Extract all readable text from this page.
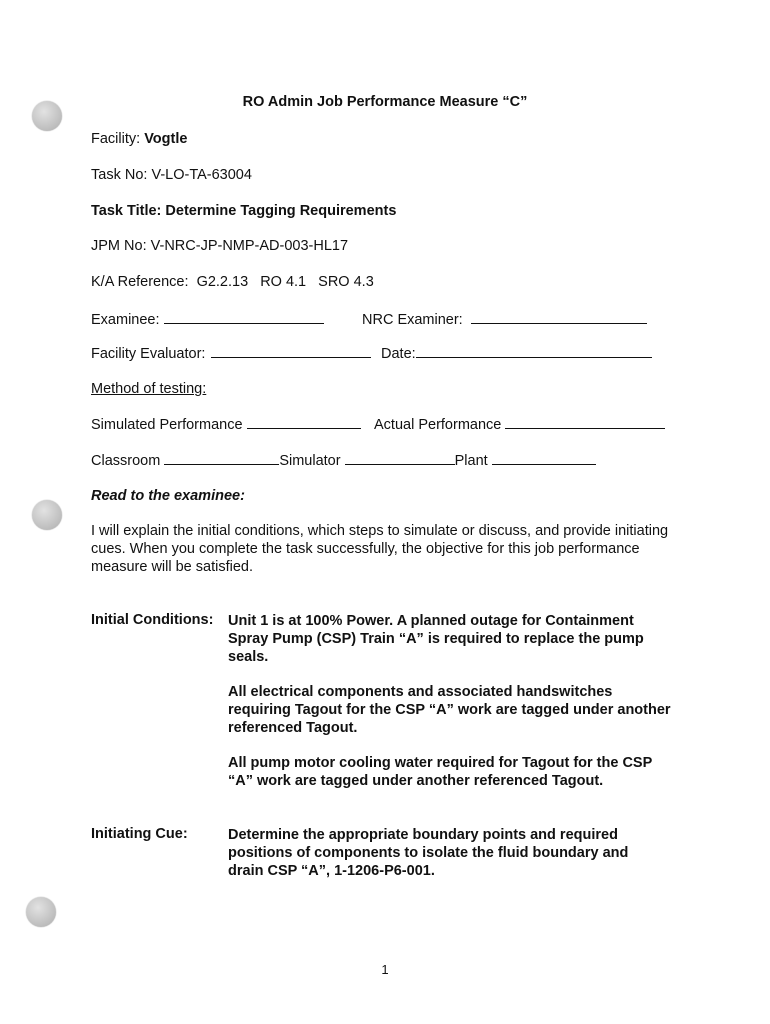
RO Admin Job Performance Measure “C”
Facility: Vogtle
Task No: V-LO-TA-63004
Task Title: Determine Tagging Requirements
JPM No: V-NRC-JP-NMP-AD-003-HL17
K/A Reference: G2.2.13 RO 4.1 SRO 4.3
Examinee:	NRC Examiner:
Facility Evaluator:	Date:
Method of testing:
Simulated Performance	Actual Performance
Classroom	Simulator	Plant
Read to the examinee:
I will explain the initial conditions, which steps to simulate or discuss, and provide initiating cues. When you complete the task successfully, the objective for this job performance measure will be satisfied.
Initial Conditions: Unit 1 is at 100% Power. A planned outage for Containment Spray Pump (CSP) Train “A” is required to replace the pump seals.
All electrical components and associated handswitches requiring Tagout for the CSP “A” work are tagged under another referenced Tagout.
All pump motor cooling water required for Tagout for the CSP “A” work are tagged under another referenced Tagout.
Initiating Cue:	Determine the appropriate boundary points and required positions of components to isolate the fluid boundary and drain CSP “A”, 1-1206-P6-001.
1
